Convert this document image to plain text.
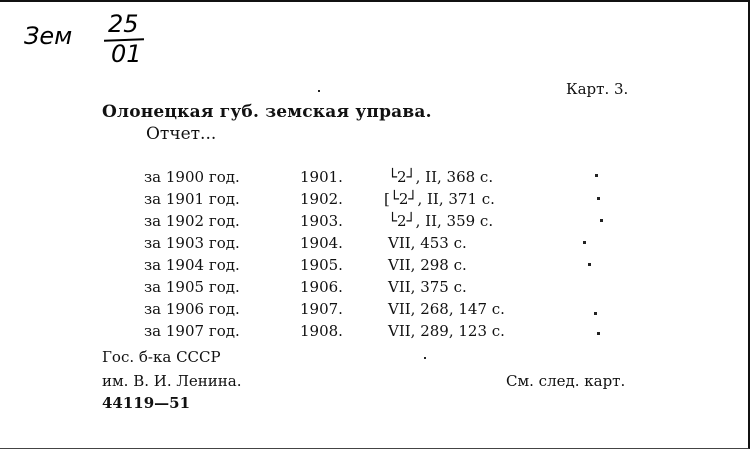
Зем 25
01
Карт. 3.
Олонецкая губ. земская управа.
Отчет...
за 1900 год.	1901.	└2┘, II, 368 с.
за 1901 год.	1902.	[└2┘, II, 371 с.
за 1902 год.	1903.	└2┘, II, 359 с.
за 1903 год.	1904.	VII, 453 с.
за 1904 год.	1905.	VII, 298 с.
за 1905 год.	1906.	VII, 375 с.
за 1906 год.	1907.	VII, 268, 147 с.
за 1907 год.	1908.	VII, 289, 123 с.
Гос. б-ка СССР
им. В. И. Ленина.
44119—51
См. след. карт.
